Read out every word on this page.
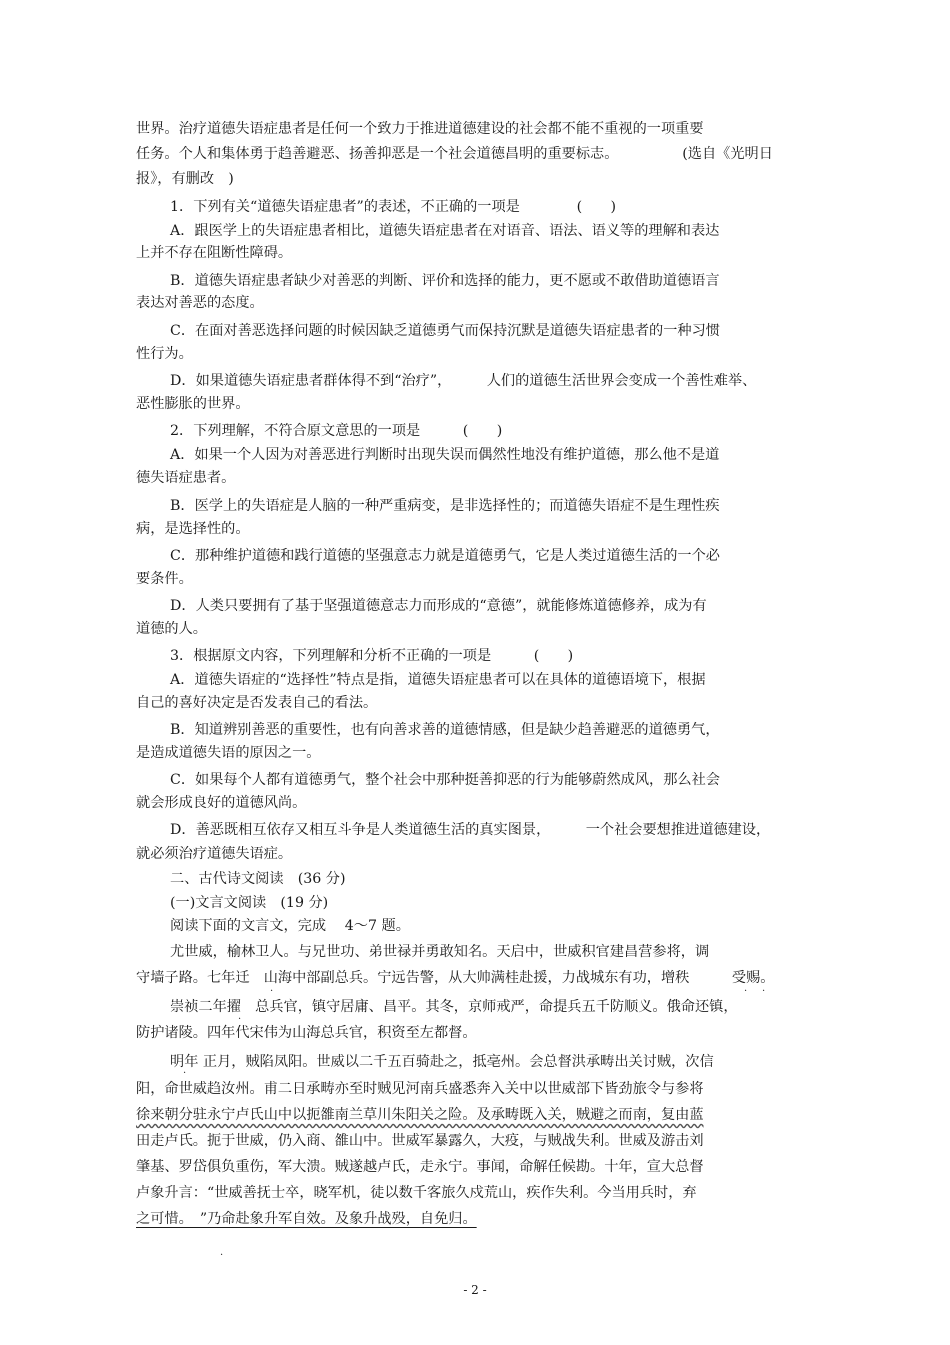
世界。治疗道德失语症患者是任何一个致力于推进道德建设的社会都不能不重视的一项重要
任务。个人和集体勇于趋善避恶、扬善抑恶是一个社会道德昌明的重要标志。　　　　　(选自《光明日
报》，有删改　)
1．下列有关“道德失语症患者”的表述，不正确的一项是　　　　(　　)
A．跟医学上的失语症患者相比，道德失语症患者在对语音、语法、语义等的理解和表达
上并不存在阻断性障碍。
B．道德失语症患者缺少对善恶的判断、评价和选择的能力，更不愿或不敢借助道德语言
表达对善恶的态度。
C．在面对善恶选择问题的时候因缺乏道德勇气而保持沉默是道德失语症患者的一种习惯
性行为。
D．如果道德失语症患者群体得不到“治疗”，　　　人们的道德生活世界会变成一个善性难举、
恶性膨胀的世界。
2．下列理解，不符合原文意思的一项是　　　(　　)
A．如果一个人因为对善恶进行判断时出现失误而偶然性地没有维护道德，那么他不是道
德失语症患者。
B．医学上的失语症是人脑的一种严重病变，是非选择性的；而道德失语症不是生理性疾
病，是选择性的。
C．那种维护道德和践行道德的坚强意志力就是道德勇气，它是人类过道德生活的一个必
要条件。
D．人类只要拥有了基于坚强道德意志力而形成的“意德”，就能修炼道德修养，成为有
道德的人。
3．根据原文内容，下列理解和分析不正确的一项是　　　(　　)
A．道德失语症的“选择性”特点是指，道德失语症患者可以在具体的道德语境下，根据
自己的喜好决定是否发表自己的看法。
B．知道辨别善恶的重要性，也有向善求善的道德情感，但是缺少趋善避恶的道德勇气，
是造成道德失语的原因之一。
C．如果每个人都有道德勇气，整个社会中那种挺善抑恶的行为能够蔚然成风，那么社会
就会形成良好的道德风尚。
D．善恶既相互依存又相互斗争是人类道德生活的真实图景，　　　一个社会要想推进道德建设，
就必须治疗道德失语症。
二、古代诗文阅读　(36 分)
(一)文言文阅读　(19 分)
阅读下面的文言文，完成　 4～7 题。
尤世威，榆林卫人。与兄世功、弟世禄并勇敢知名。天启中，世威积官建昌营参将，调
守墙子路。七年迁　山海中部副总兵。宁远告警，从大帅满桂赴援，力战城东有功，增秩　　　受赐。
崇祯二年擢　总兵官，镇守居庸、昌平。其冬，京师戒严，命提兵五千防顺义。俄命还镇，
防护诸陵。四年代宋伟为山海总兵官，积资至左都督。
明年 正月，贼陷凤阳。世威以二千五百骑赴之，抵亳州。会总督洪承畴出关讨贼，次信
阳，命世威趋汝州。甫二日承畴亦至时贼见河南兵盛悉奔入关中以世威部下皆劲旅令与参将
徐来朝分驻永宁卢氏山中以扼雒南兰草川朱阳关之险。及承畴既入关，贼避之而南，复由蓝
田走卢氏。扼于世威，仍入商、雒山中。世威军暴露久，大疫，与贼战失利。世威及游击刘
肇基、罗岱俱负重伤，军大溃。贼遂越卢氏，走永宁。事闻，命解任候勘。十年，宣大总督
卢象升言：“世威善抚士卒，晓军机，徒以数千客旅久戍荒山，疾作失利。今当用兵时，弃
之可惜。　”乃命赴象升军自效。及象升战殁，自免归。
·	· ·
·
·
·
- 2 -
